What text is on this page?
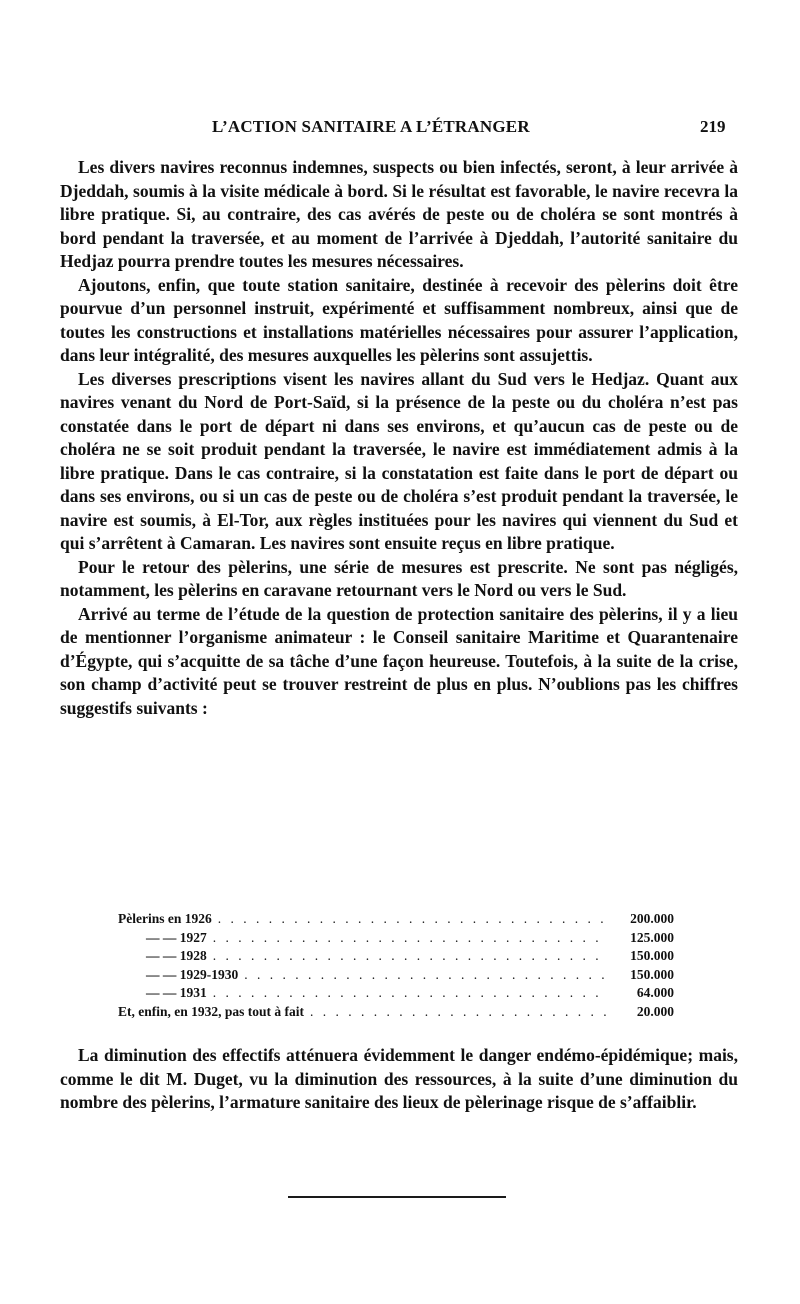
L’ACTION SANITAIRE A L’ÉTRANGER	219

Les divers navires reconnus indemnes, suspects ou bien infectés, seront, à leur arrivée à Djeddah, soumis à la visite médicale à bord. Si le résultat est favorable, le navire recevra la libre pratique. Si, au contraire, des cas avérés de peste ou de choléra se sont montrés à bord pendant la traversée, et au moment de l’arrivée à Djeddah, l’autorité sanitaire du Hedjaz pourra prendre toutes les mesures nécessaires.

Ajoutons, enfin, que toute station sanitaire, destinée à recevoir des pèlerins doit être pourvue d’un personnel instruit, expérimenté et suffisamment nombreux, ainsi que de toutes les constructions et installations matérielles nécessaires pour assurer l’application, dans leur intégralité, des mesures auxquelles les pèlerins sont assujettis.

Les diverses prescriptions visent les navires allant du Sud vers le Hedjaz. Quant aux navires venant du Nord de Port-Saïd, si la présence de la peste ou du choléra n’est pas constatée dans le port de départ ni dans ses environs, et qu’aucun cas de peste ou de choléra ne se soit produit pendant la traversée, le navire est immédiatement admis à la libre pratique. Dans le cas contraire, si la constatation est faite dans le port de départ ou dans ses environs, ou si un cas de peste ou de choléra s’est produit pendant la traversée, le navire est soumis, à El-Tor, aux règles instituées pour les navires qui viennent du Sud et qui s’arrêtent à Camaran. Les navires sont ensuite reçus en libre pratique.

Pour le retour des pèlerins, une série de mesures est prescrite. Ne sont pas négligés, notamment, les pèlerins en caravane retournant vers le Nord ou vers le Sud.

Arrivé au terme de l’étude de la question de protection sanitaire des pèlerins, il y a lieu de mentionner l’organisme animateur : le Conseil sanitaire Maritime et Quarantenaire d’Égypte, qui s’acquitte de sa tâche d’une façon heureuse. Toutefois, à la suite de la crise, son champ d’activité peut se trouver restreint de plus en plus. N’oublions pas les chiffres suggestifs suivants :

Pèlerins en 1926 . . .	200.000
— — 1927 . . .	125.000
— — 1928 . . .	150.000
— — 1929-1930 . . .	150.000
— — 1931 . . .	64.000
Et, enfin, en 1932, pas tout à fait . . .	20.000

La diminution des effectifs atténuera évidemment le danger endémo-épidémique; mais, comme le dit M. Duget, vu la diminution des ressources, à la suite d’une diminution du nombre des pèlerins, l’armature sanitaire des lieux de pèlerinage risque de s’affaiblir.
